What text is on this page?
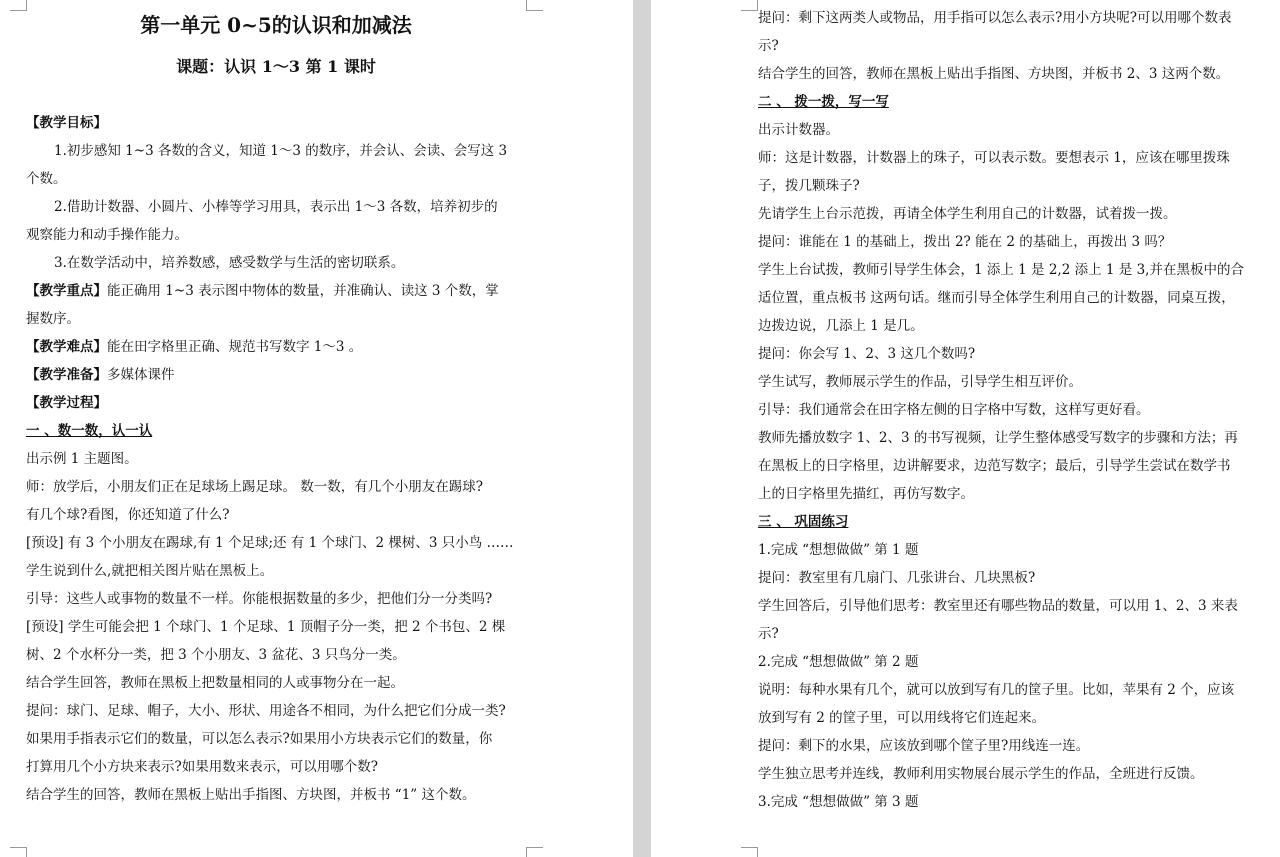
第一单元 0~5的认识和加减法
课题：认识 1～3 第 1 课时
【教学目标】
1.初步感知 1~3 各数的含义，知道 1～3 的数序，并会认、会读、会写这 3
个数。
2.借助计数器、小圆片、小棒等学习用具，表示出 1～3 各数，培养初步的
观察能力和动手操作能力。
3.在数学活动中，培养数感，感受数学与生活的密切联系。
【教学重点】能正确用 1~3 表示图中物体的数量，并准确认、读这 3 个数，掌
握数序。
【教学难点】能在田字格里正确、规范书写数字 1～3 。
【教学准备】多媒体课件
【教学过程】
一 、数一数，认一认
出示例 1 主题图。
师：放学后，小朋友们正在足球场上踢足球。 数一数，有几个小朋友在踢球?
有几个球?看图，你还知道了什么?
[预设] 有 3 个小朋友在踢球,有 1 个足球;还 有 1 个球门、2 棵树、3 只小鸟 ……
学生说到什么,就把相关图片贴在黑板上。
引导：这些人或事物的数量不一样。你能根据数量的多少，把他们分一分类吗?
[预设] 学生可能会把 1 个球门、1 个足球、1 顶帽子分一类，把 2 个书包、2 棵
树、2 个水杯分一类，把 3 个小朋友、3 盆花、3 只鸟分一类。
结合学生回答，教师在黑板上把数量相同的人或事物分在一起。
提问：球门、足球、帽子，大小、形状、用途各不相同，为什么把它们分成一类?
如果用手指表示它们的数量，可以怎么表示?如果用小方块表示它们的数量，你
打算用几个小方块来表示?如果用数来表示，可以用哪个数?
结合学生的回答，教师在黑板上贴出手指图、方块图，并板书 “1” 这个数。
提问：剩下这两类人或物品，用手指可以怎么表示?用小方块呢?可以用哪个数表
示?
结合学生的回答，教师在黑板上贴出手指图、方块图，并板书 2、3 这两个数。
二 、 拨一拨，写一写
出示计数器。
师：这是计数器，计数器上的珠子，可以表示数。要想表示 1，应该在哪里拨珠
子，拨几颗珠子?
先请学生上台示范拨，再请全体学生利用自己的计数器，试着拨一拨。
提问：谁能在 1 的基础上，拨出 2? 能在 2 的基础上，再拨出 3 吗？
学生上台试拨，教师引导学生体会，1 添上 1 是 2,2 添上 1 是 3,并在黑板中的合
适位置，重点板书 这两句话。继而引导全体学生利用自己的计数器，同桌互拨，
边拨边说，几添上 1 是几。
提问：你会写 1、2、3 这几个数吗?
学生试写，教师展示学生的作品，引导学生相互评价。
引导：我们通常会在田字格左侧的日字格中写数，这样写更好看。
教师先播放数字 1、2、3 的书写视频，让学生整体感受写数字的步骤和方法；再
在黑板上的日字格里，边讲解要求，边范写数字；最后，引导学生尝试在数学书
上的日字格里先描红，再仿写数字。
三 、 巩固练习
1.完成 “想想做做” 第 1 题
提问：教室里有几扇门、几张讲台、几块黑板?
学生回答后，引导他们思考：教室里还有哪些物品的数量，可以用 1、2、3 来表
示?
2.完成 “想想做做” 第 2 题
说明：每种水果有几个，就可以放到写有几的筐子里。比如，苹果有 2 个，应该
放到写有 2 的筐子里，可以用线将它们连起来。
提问：剩下的水果，应该放到哪个筐子里?用线连一连。
学生独立思考并连线，教师利用实物展台展示学生的作品，全班进行反馈。
3.完成 “想想做做” 第 3 题
